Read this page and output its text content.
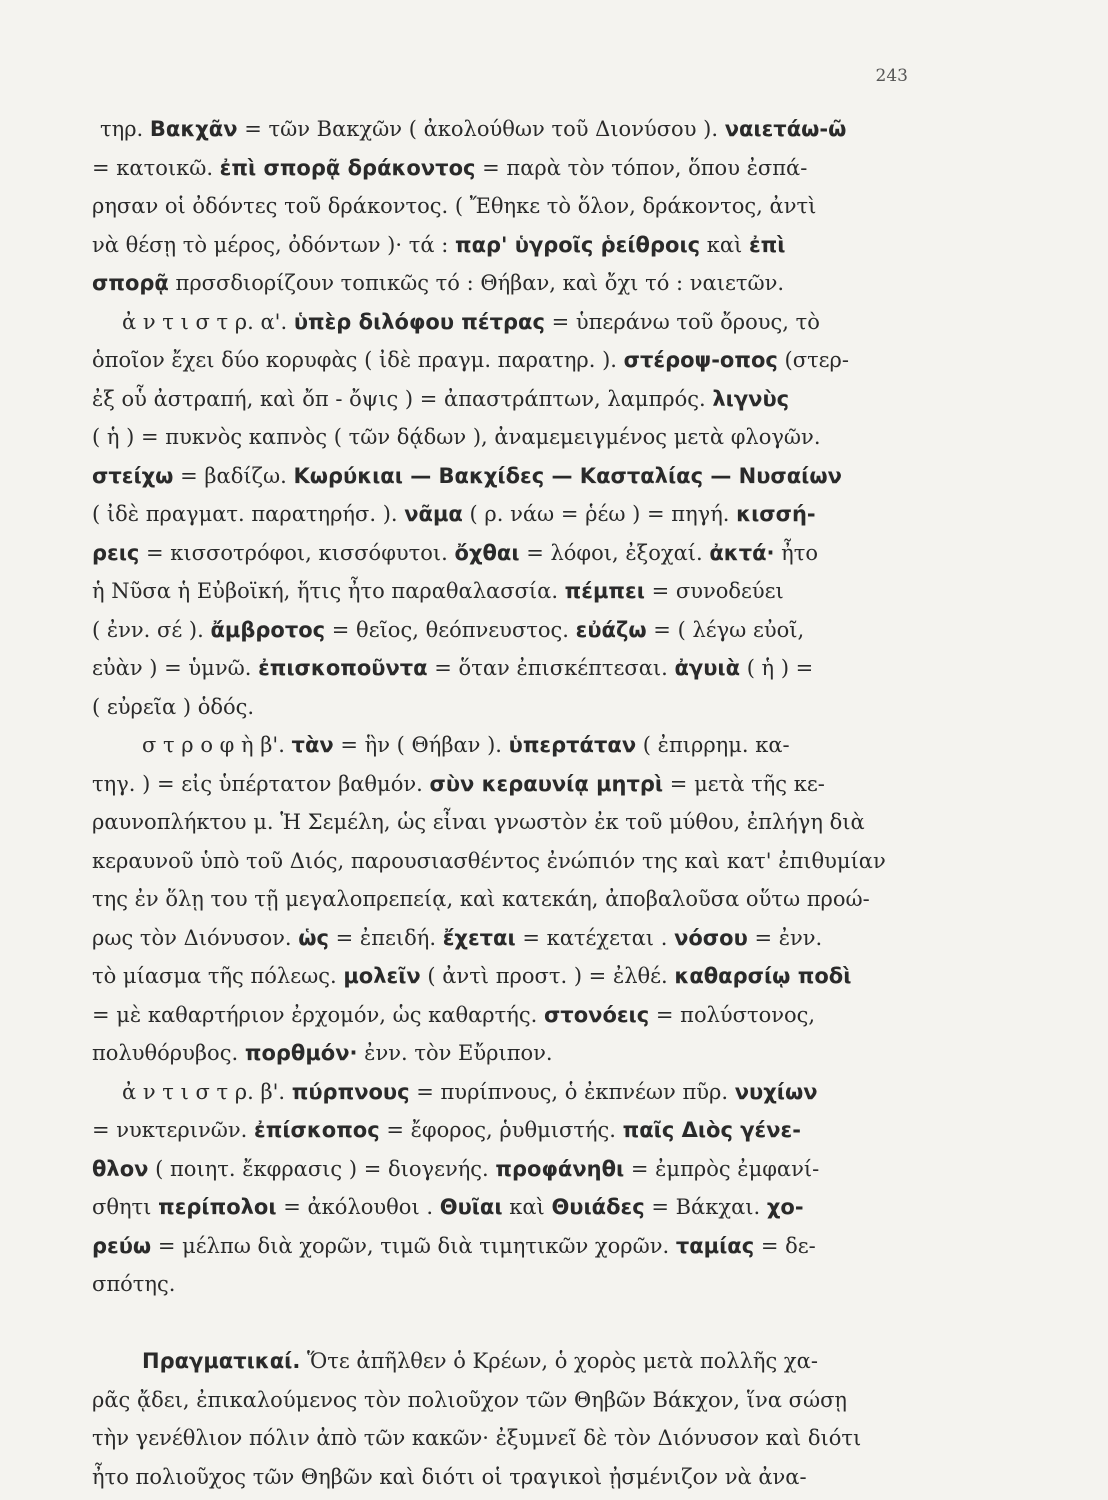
243
τηρ. Βακχᾶν = τῶν Βακχῶν ( ἀκολούθων τοῦ Διονύσου ). ναιετάω-ῶ
= κατοικῶ. ἐπὶ σπορᾷ δράκοντος = παρὰ τὸν τόπον, ὅπου ἐσπά-
ρησαν οἱ ὀδόντες τοῦ δράκοντος. ( Ἔθηκε τὸ ὅλον, δράκοντος, ἀντὶ
νὰ θέσῃ τὸ μέρος, ὀδόντων )· τά : παρ' ὑγροῖς ῥείθροις καὶ ἐπὶ
σπορᾷ πρσσδιορίζουν τοπικῶς τό : Θήβαν, καὶ ὄχι τό : ναιετῶν.
ἀ ν τ ι σ τ ρ. α'. ὑπὲρ διλόφου πέτρας = ὑπεράνω τοῦ ὄρους, τὸ
ὁποῖον ἔχει δύο κορυφὰς ( ἰδὲ πραγμ. παρατηρ. ). στέροψ-οπος (στερ-
ἐξ οὗ ἀστραπή, καὶ ὄπ - ὄψις ) = ἀπαστράπτων, λαμπρός. λιγνὺς
( ἡ ) = πυκνὸς καπνὸς ( τῶν δᾴδων ), ἀναμεμειγμένος μετὰ φλογῶν.
στείχω = βαδίζω. Κωρύκιαι — Βακχίδες — Κασταλίας — Νυσαίων
( ἰδὲ πραγματ. παρατηρήσ. ). νᾶμα ( ρ. νάω = ῥέω ) = πηγή. κισσή-
ρεις = κισσοτρόφοι, κισσόφυτοι. ὄχθαι = λόφοι, ἐξοχαί. ἀκτά· ἦτο
ἡ Νῦσα ἡ Εὐβοϊκή, ἥτις ἦτο παραθαλασσία. πέμπει = συνοδεύει
( ἐνν. σέ ). ἄμβροτος = θεῖος, θεόπνευστος. εὐάζω = ( λέγω εὐοῖ,
εὐὰν ) = ὑμνῶ. ἐπισκοποῦντα = ὅταν ἐπισκέπτεσαι. ἀγυιὰ ( ἡ ) =
( εὐρεῖα ) ὁδός.
σ τ ρ ο φ ὴ β'. τὰν = ἣν ( Θήβαν ). ὑπερτάταν ( ἐπιρρημ. κα-
τηγ. ) = εἰς ὑπέρτατον βαθμόν. σὺν κεραυνίᾳ μητρὶ = μετὰ τῆς κε-
ραυνοπλήκτου μ. Ἡ Σεμέλη, ὡς εἶναι γνωστὸν ἐκ τοῦ μύθου, ἐπλήγη διὰ
κεραυνοῦ ὑπὸ τοῦ Διός, παρουσιασθέντος ἐνώπιόν της καὶ κατ' ἐπιθυμίαν
της ἐν ὅλῃ του τῇ μεγαλοπρεπείᾳ, καὶ κατεκάη, ἀποβαλοῦσα οὕτω προώ-
ρως τὸν Διόνυσον. ὡς = ἐπειδή. ἔχεται = κατέχεται . νόσου = ἐνν.
τὸ μίασμα τῆς πόλεως. μολεῖν ( ἀντὶ προστ. ) = ἐλθέ. καθαρσίῳ ποδὶ
= μὲ καθαρτήριον ἐρχομόν, ὡς καθαρτής. στονόεις = πολύστονος,
πολυθόρυβος. πορθμόν· ἐνν. τὸν Εὔριπον.
ἀ ν τ ι σ τ ρ. β'. πύρπνους = πυρίπνους, ὁ ἐκπνέων πῦρ. νυχίων
= νυκτερινῶν. ἐπίσκοπος = ἔφορος, ῥυθμιστής. παῖς Διὸς γένε-
θλον ( ποιητ. ἔκφρασις ) = διογενής. προφάνηθι = ἐμπρὸς ἐμφανί-
σθητι περίπολοι = ἀκόλουθοι . Θυῖαι καὶ Θυιάδες = Βάκχαι. χο-
ρεύω = μέλπω διὰ χορῶν, τιμῶ διὰ τιμητικῶν χορῶν. ταμίας = δε-
σπότης.
Πραγματικαί. Ὅτε ἀπῆλθεν ὁ Κρέων, ὁ χορὸς μετὰ πολλῆς χα-
ρᾶς ᾄδει, ἐπικαλούμενος τὸν πολιοῦχον τῶν Θηβῶν Βάκχον, ἵνα σώσῃ
τὴν γενέθλιον πόλιν ἀπὸ τῶν κακῶν· ἐξυμνεῖ δὲ τὸν Διόνυσον καὶ διότι
ἦτο πολιοῦχος τῶν Θηβῶν καὶ διότι οἱ τραγικοὶ ᾐσμένιζον νὰ ἀνα-
